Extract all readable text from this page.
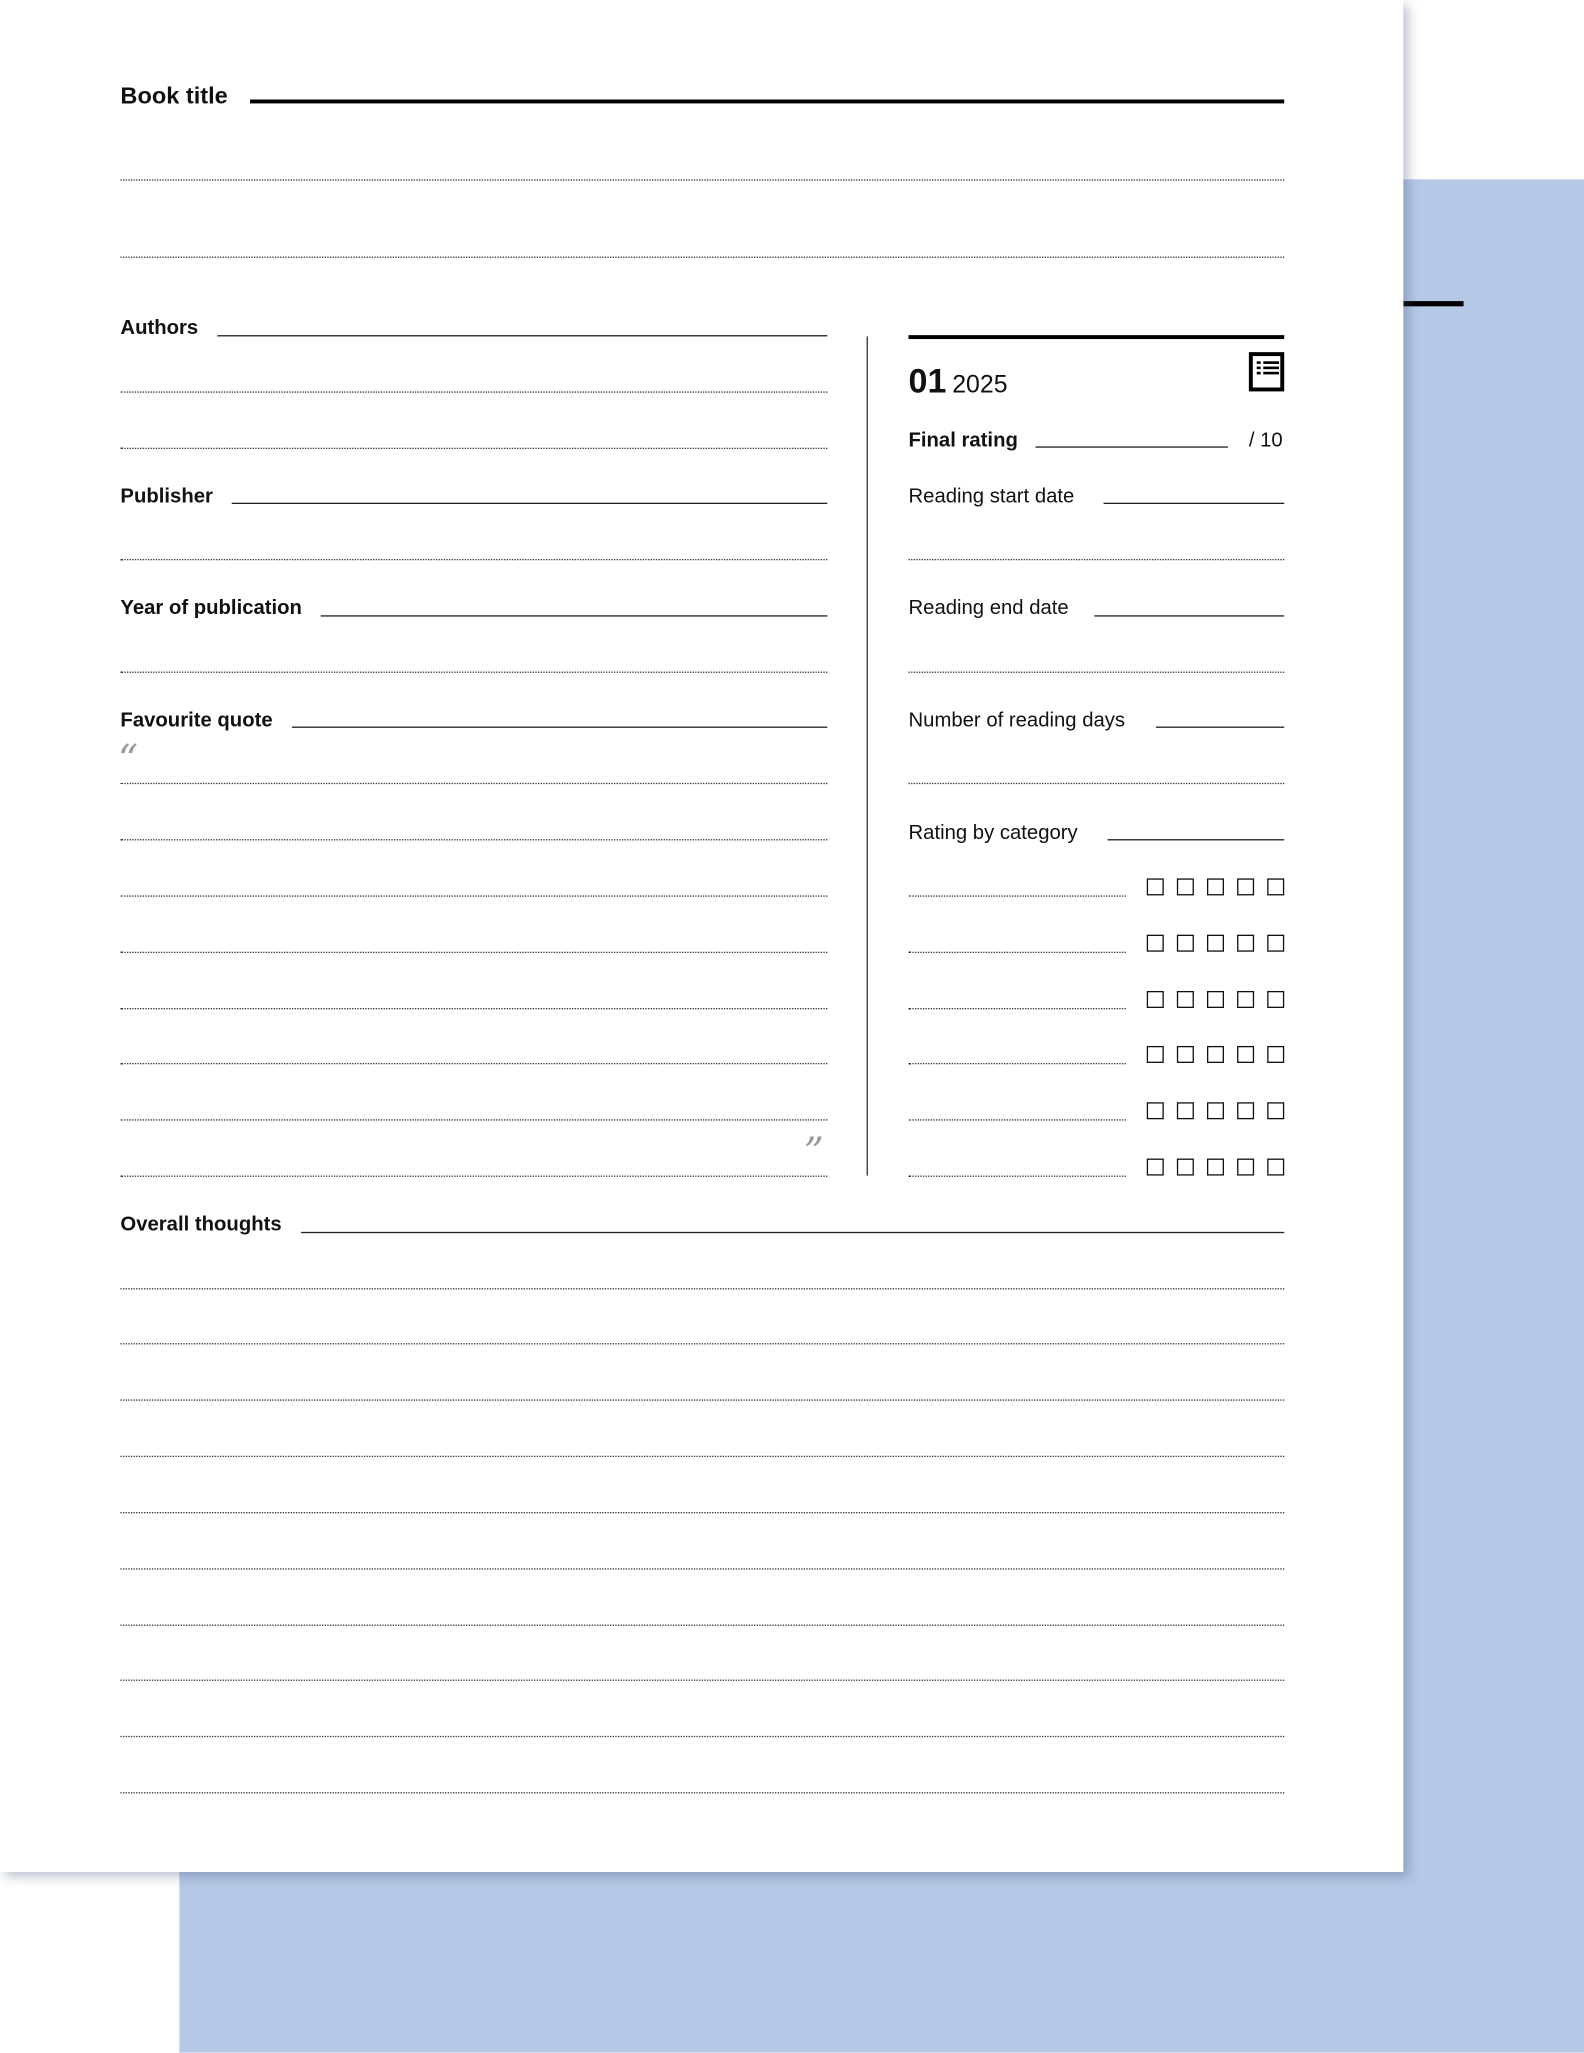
Book title
Authors
Publisher
Year of publication
Favourite quote
“
”
01 2025
Final rating	/ 10
Reading start date
Reading end date
Number of reading days
Rating by category
Overall thoughts
